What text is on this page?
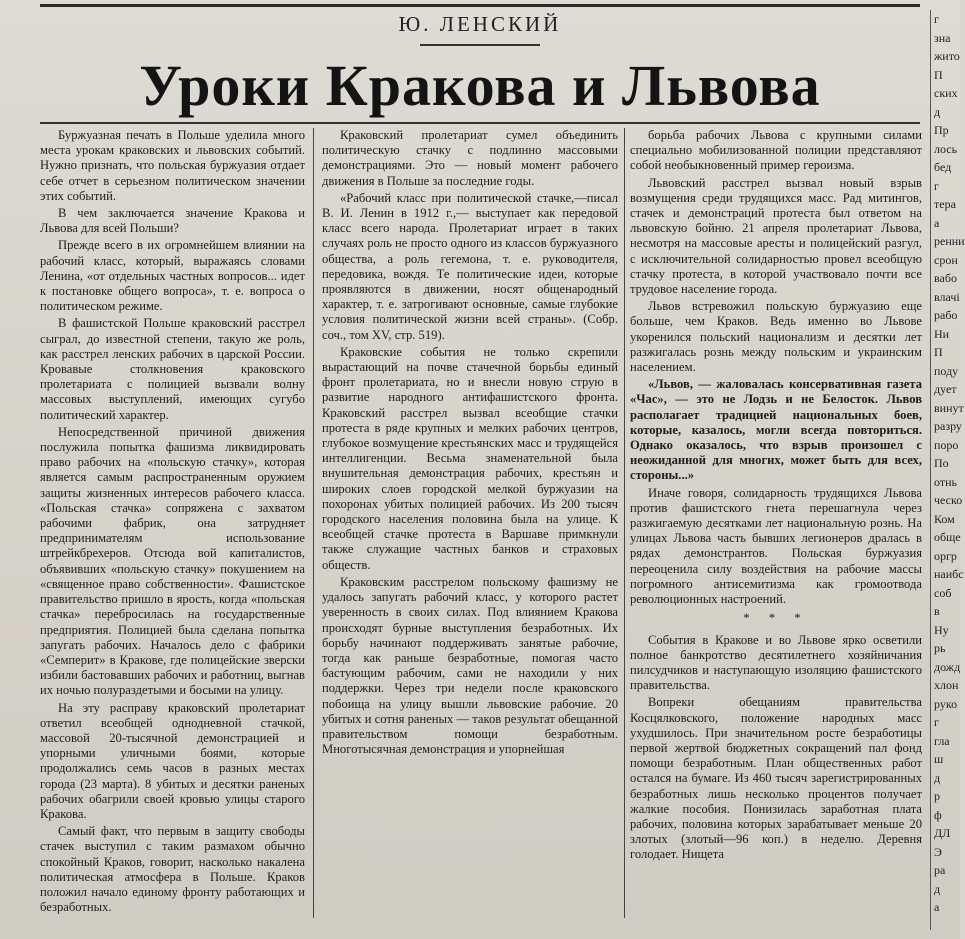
Ю. ЛЕНСКИЙ
Уроки Кракова и Львова

Буржуазная печать в Польше уделила много места урокам краковских и львовских событий. Нужно признать, что польская буржуазия отдает себе отчет в серьезном политическом значении этих событий.

В чем заключается значение Кракова и Львова для всей Польши?

Прежде всего в их огромнейшем влиянии на рабочий класс, который, выражаясь словами Ленина, «от отдельных частных вопросов... идет к постановке общего вопроса», т. е. вопроса о политическом режиме.

В фашистской Польше краковский расстрел сыграл, до известной степени, такую же роль, как расстрел ленских рабочих в царской России. Кровавые столкновения краковского пролетариата с полицией вызвали волну массовых выступлений, имеющих сугубо политический характер.

Непосредственной причиной движения послужила попытка фашизма ликвидировать право рабочих на «польскую стачку», которая является самым распространенным оружием защиты жизненных интересов рабочего класса. «Польская стачка» сопряжена с захватом рабочими фабрик, она затрудняет предпринимателям использование штрейкбрехеров. Отсюда вой капиталистов, объявивших «польскую стачку» покушением на «священное право собственности». Фашистское правительство пришло в ярость, когда «польская стачка» перебросилась на государственные предприятия. Полицией была сделана попытка запугать рабочих. Началось дело с фабрики «Семперит» в Кракове, где полицейские зверски избили бастовавших рабочих и работниц, выгнав их ночью полураздетыми и босыми на улицу.

На эту расправу краковский пролетариат ответил всеобщей однодневной стачкой, массовой 20-тысячной демонстрацией и упорными уличными боями, которые продолжались семь часов в разных местах города (23 марта). 8 убитых и десятки раненых рабочих обагрили своей кровью улицы старого Кракова.

Самый факт, что первым в защиту свободы стачек выступил с таким размахом обычно спокойный Краков, говорит, насколько накалена политическая атмосфера в Польше. Краков положил начало единому фронту работающих и безработных.

Краковский пролетариат сумел объединить политическую стачку с подлинно массовыми демонстрациями. Это — новый момент рабочего движения в Польше за последние годы.

«Рабочий класс при политической стачке,—писал В. И. Ленин в 1912 г.,— выступает как передовой класс всего народа. Пролетариат играет в таких случаях роль не просто одного из классов буржуазного общества, а роль гегемона, т. е. руководителя, передовика, вождя. Те политические идеи, которые проявляются в движении, носят общенародный характер, т. е. затрогивают основные, самые глубокие условия политической жизни всей страны». (Собр. соч., том XV, стр. 519).

Краковские события не только скрепили вырастающий на почве стачечной борьбы единый фронт пролетариата, но и внесли новую струю в развитие народного антифашистского фронта. Краковский расстрел вызвал всеобщие стачки протеста в ряде крупных и мелких рабочих центров, глубокое возмущение крестьянских масс и трудящейся интеллигенции. Весьма знаменательной была внушительная демонстрация рабочих, крестьян и широких слоев городской мелкой буржуазии на похоронах убитых полицией рабочих. Из 200 тысяч городского населения половина была на улице. К всеобщей стачке протеста в Варшаве примкнули также служащие частных банков и страховых обществ.

Краковским расстрелом польскому фашизму не удалось запугать рабочий класс, у которого растет уверенность в своих силах. Под влиянием Кракова происходят бурные выступления безработных. Их борьбу начинают поддерживать занятые рабочие, тогда как раньше безработные, помогая часто бастующим рабочим, сами не находили у них поддержки. Через три недели после краковского побоища на улицу вышли львовские рабочие. 20 убитых и сотня раненых — таков результат обещанной правительством помощи безработным. Многотысячная демонстрация и упорнейшая

борьба рабочих Львова с крупными силами специально мобилизованной полиции представляют собой необыкновенный пример героизма.

Львовский расстрел вызвал новый взрыв возмущения среди трудящихся масс. Рад митингов, стачек и демонстраций протеста был ответом на львовскую бойню. 21 апреля пролетариат Львова, несмотря на массовые аресты и полицейский разгул, с исключительной солидарностью провел всеобщую стачку протеста, в которой участвовало почти все трудовое население города.

Львов встревожил польскую буржуазию еще больше, чем Краков. Ведь именно во Львове укоренился польский национализм и десятки лет разжигалась рознь между польским и украинским населением.

«Львов, — жаловалась консервативная газета «Час», — это не Лодзь и не Белосток. Львов располагает традицией национальных боев, которые, казалось, могли всегда повториться. Однако оказалось, что взрыв произошел с неожиданной для многих, может быть для всех, стороны...»

Иначе говоря, солидарность трудящихся Львова против фашистского гнета перешагнула через разжигаемую десятками лет национальную рознь. На улицах Львова часть бывших легионеров дралась в рядах демонстрантов. Польская буржуазия переоценила силу воздействия на рабочие массы погромного антисемитизма как громоотвода революционных настроений.

* * *

События в Кракове и во Львове ярко осветили полное банкротство десятилетнего хозяйничания пилсудчиков и наступающую изоляцию фашистского правительства.

Вопреки обещаниям правительства Косцялковского, положение народных масс ухудшилось. При значительном росте безработицы первой жертвой бюджетных сокращений пал фонд помощи безработным. План общественных работ остался на бумаге. Из 460 тысяч зарегистрированных безработных лишь несколько процентов получает жалкие пособия. Понизилась заработная плата рабочих, половина которых зарабатывает меньше 20 злотых (злотый—96 коп.) в неделю. Деревня голодает. Нищета

г
зна
жито
П
ских
д
Пр
лось
бед
г
тера
а
ренни
срон
вабо
влачі
рабо
Ни
П
поду
дует
винут
разру
поро
По
отнь
ческо
Ком
обще
оргр
наибс
соб
в
Ну
рь
дожд
хлон
руко
г
гла
ш
д
р
ф
ДЛ
Э
ра
д
а
